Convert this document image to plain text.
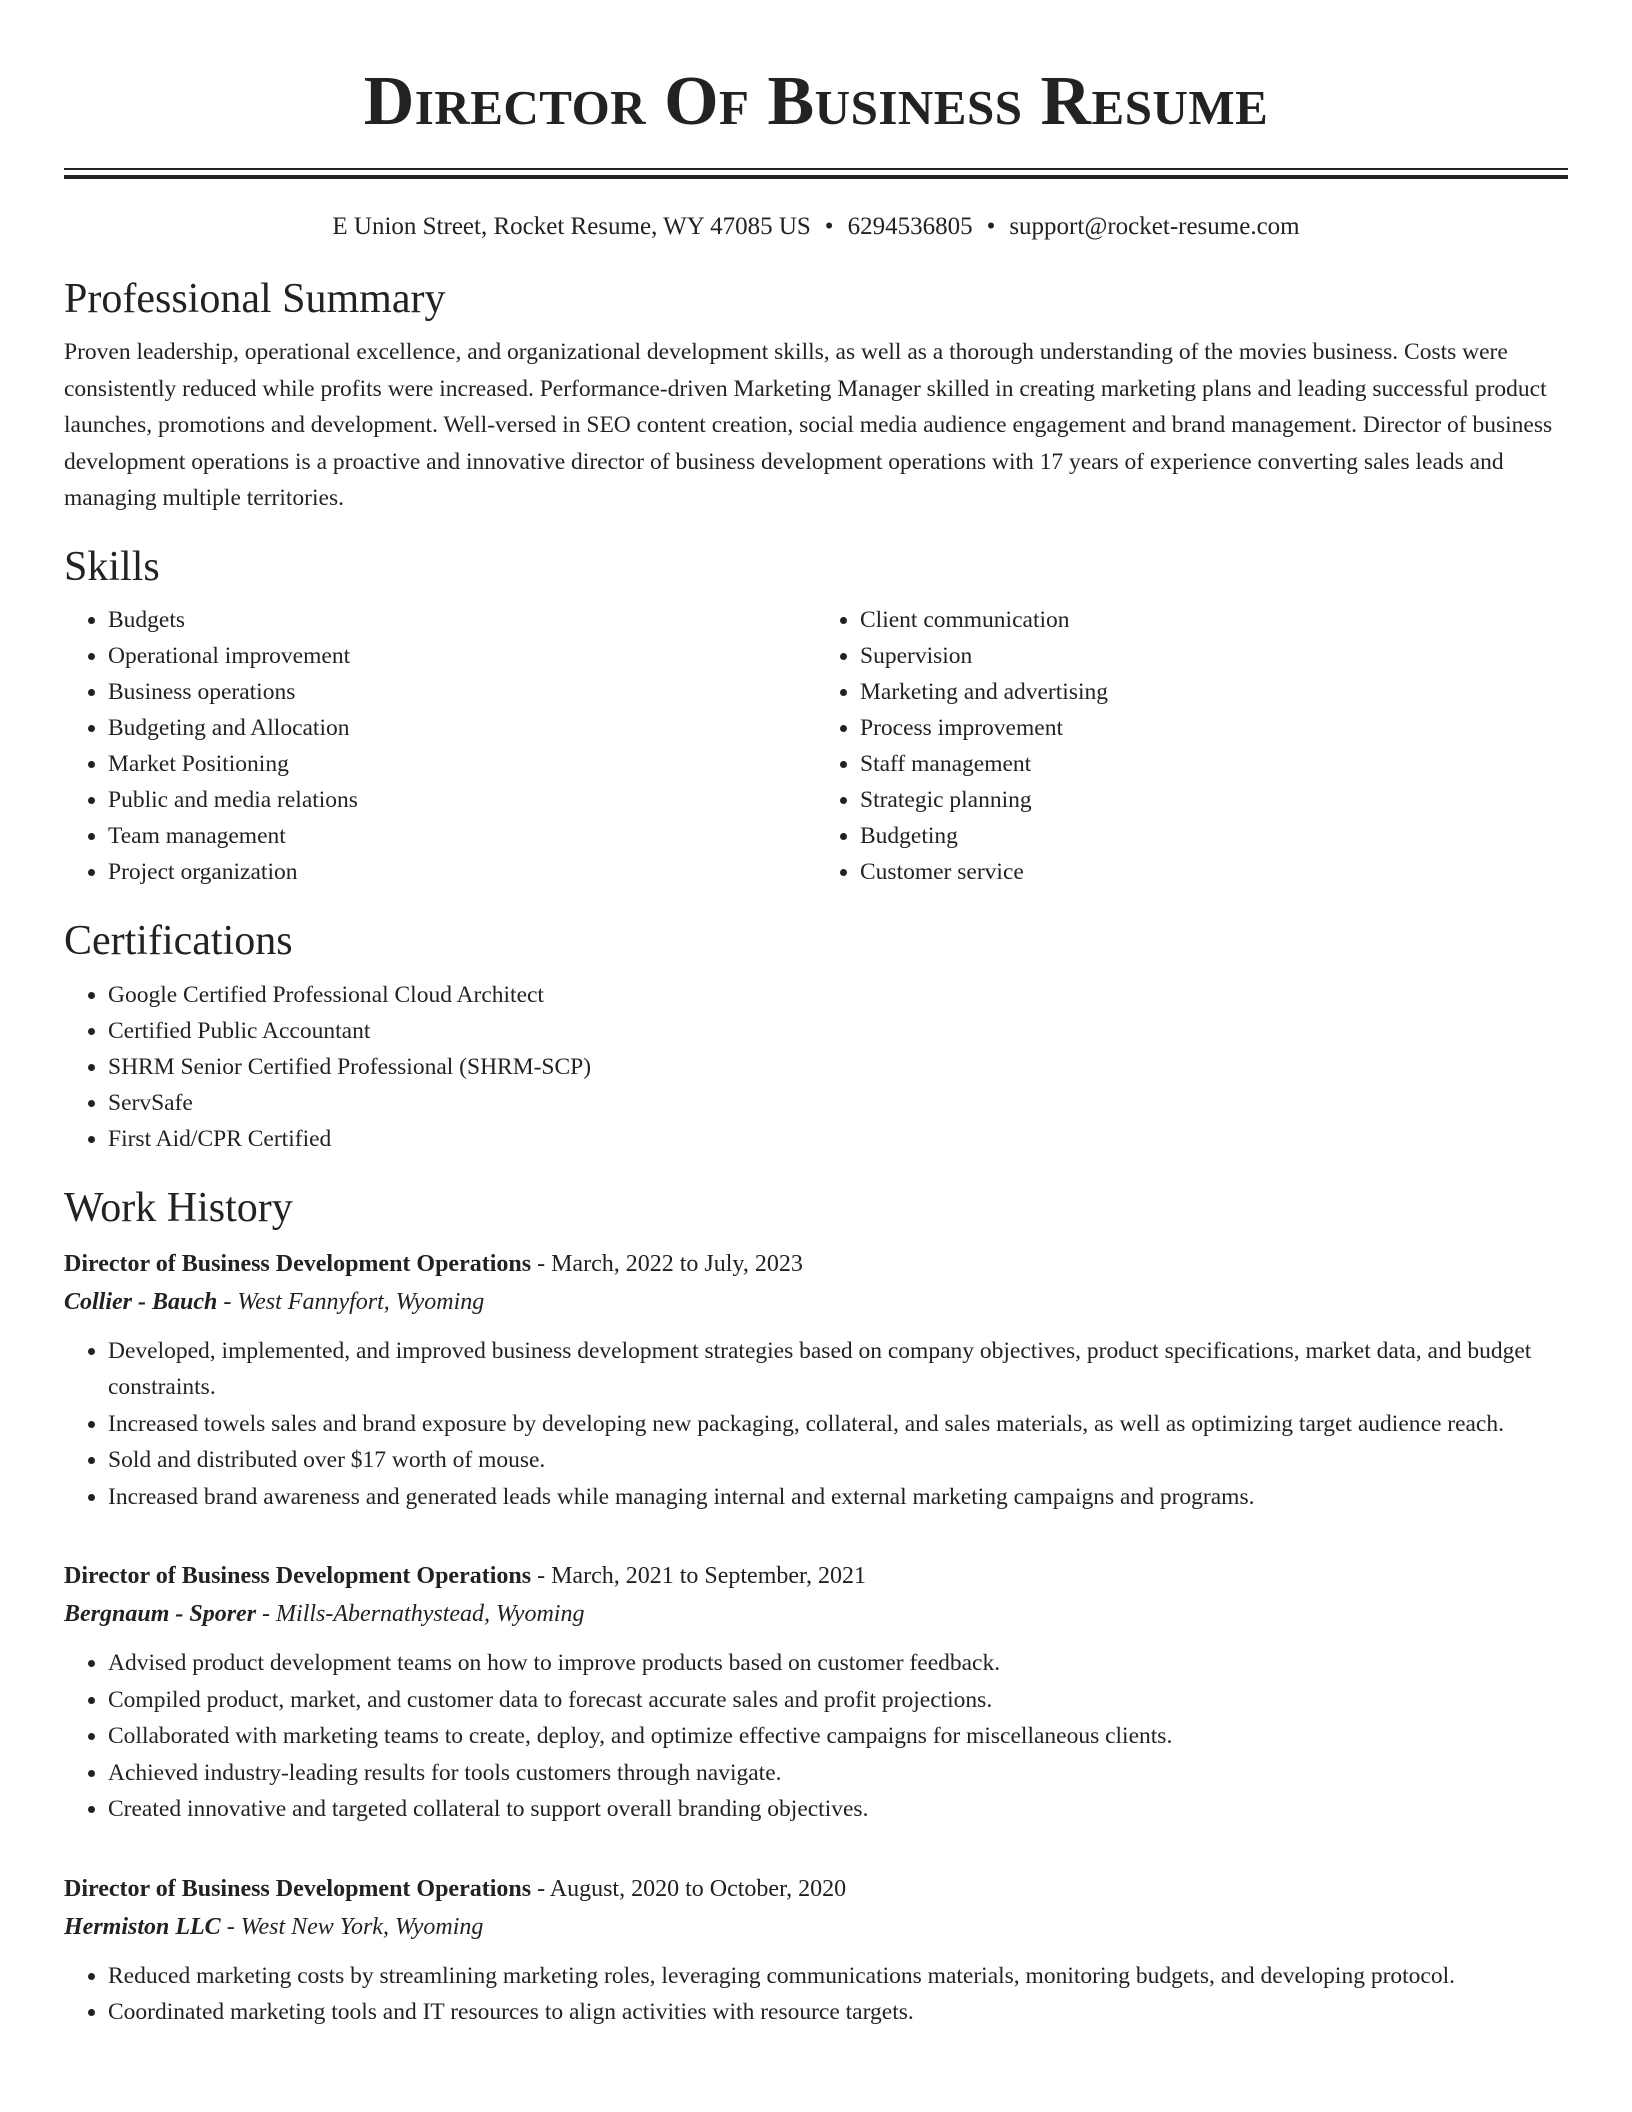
Director Of Business Resume
E Union Street, Rocket Resume, WY 47085 US • 6294536805 • support@rocket-resume.com
Professional Summary

Proven leadership, operational excellence, and organizational development skills, as well as a thorough understanding of the movies business. Costs were consistently reduced while profits were increased. Performance-driven Marketing Manager skilled in creating marketing plans and leading successful product launches, promotions and development. Well-versed in SEO content creation, social media audience engagement and brand management. Director of business development operations is a proactive and innovative director of business development operations with 17 years of experience converting sales leads and managing multiple territories.

Skills
• Budgets
• Operational improvement
• Business operations
• Budgeting and Allocation
• Market Positioning
• Public and media relations
• Team management
• Project organization
• Client communication
• Supervision
• Marketing and advertising
• Process improvement
• Staff management
• Strategic planning
• Budgeting
• Customer service
Certifications
• Google Certified Professional Cloud Architect
• Certified Public Accountant
• SHRM Senior Certified Professional (SHRM-SCP)
• ServSafe
• First Aid/CPR Certified
Work History
Director of Business Development Operations - March, 2022 to July, 2023
Collier - Bauch - West Fannyfort, Wyoming
• Developed, implemented, and improved business development strategies based on company objectives, product specifications, market data, and budget constraints.
• Increased towels sales and brand exposure by developing new packaging, collateral, and sales materials, as well as optimizing target audience reach.
• Sold and distributed over $17 worth of mouse.
• Increased brand awareness and generated leads while managing internal and external marketing campaigns and programs.
Director of Business Development Operations - March, 2021 to September, 2021
Bergnaum - Sporer - Mills-Abernathystead, Wyoming
• Advised product development teams on how to improve products based on customer feedback.
• Compiled product, market, and customer data to forecast accurate sales and profit projections.
• Collaborated with marketing teams to create, deploy, and optimize effective campaigns for miscellaneous clients.
• Achieved industry-leading results for tools customers through navigate.
• Created innovative and targeted collateral to support overall branding objectives.
Director of Business Development Operations - August, 2020 to October, 2020
Hermiston LLC - West New York, Wyoming
• Reduced marketing costs by streamlining marketing roles, leveraging communications materials, monitoring budgets, and developing protocol.
• Coordinated marketing tools and IT resources to align activities with resource targets.
